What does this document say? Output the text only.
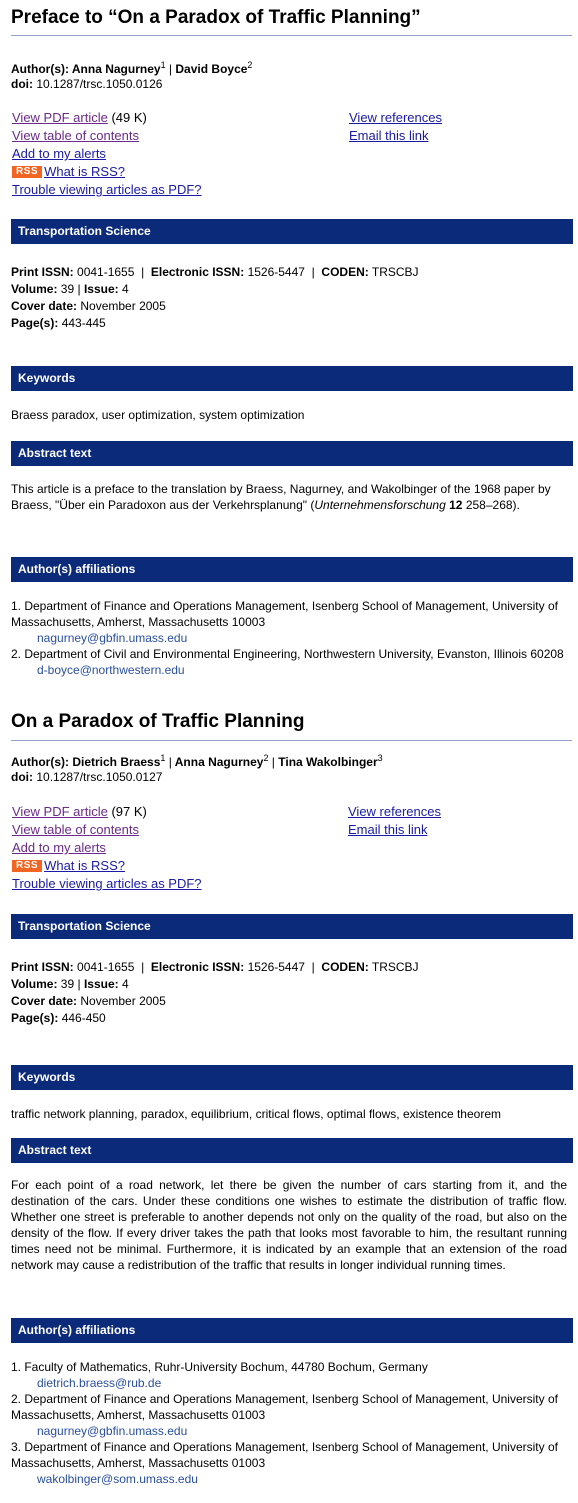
Preface to “On a Paradox of Traffic Planning”
Author(s): Anna Nagurney$^1$ | David Boyce$^2$
doi: 10.1287/trsc.1050.0126
View PDF article (49 K)
View table of contents
Add to my alerts
RSS What is RSS?
Trouble viewing articles as PDF?
View references
Email this link
Transportation Science
Print ISSN: 0041-1655  |  Electronic ISSN: 1526-5447  |  CODEN: TRSCBJ
Volume: 39 | Issue: 4
Cover date: November 2005
Page(s): 443-445
Keywords
Braess paradox, user optimization, system optimization
Abstract text
This article is a preface to the translation by Braess, Nagurney, and Wakolbinger of the 1968 paper by Braess, "Über ein Paradoxon aus der Verkehrsplanung" (Unternehmensforschung 12 258–268).
Author(s) affiliations
1. Department of Finance and Operations Management, Isenberg School of Management, University of Massachusetts, Amherst, Massachusetts 10003
nagurney@gbfin.umass.edu
2. Department of Civil and Environmental Engineering, Northwestern University, Evanston, Illinois 60208
d-boyce@northwestern.edu
On a Paradox of Traffic Planning
Author(s): Dietrich Braess$^1$ | Anna Nagurney$^2$ | Tina Wakolbinger$^3$
doi: 10.1287/trsc.1050.0127
View PDF article (97 K)
View table of contents
Add to my alerts
RSS What is RSS?
Trouble viewing articles as PDF?
View references
Email this link
Transportation Science
Print ISSN: 0041-1655  |  Electronic ISSN: 1526-5447  |  CODEN: TRSCBJ
Volume: 39 | Issue: 4
Cover date: November 2005
Page(s): 446-450
Keywords
traffic network planning, paradox, equilibrium, critical flows, optimal flows, existence theorem
Abstract text
For each point of a road network, let there be given the number of cars starting from it, and the destination of the cars. Under these conditions one wishes to estimate the distribution of traffic flow. Whether one street is preferable to another depends not only on the quality of the road, but also on the density of the flow. If every driver takes the path that looks most favorable to him, the resultant running times need not be minimal. Furthermore, it is indicated by an example that an extension of the road network may cause a redistribution of the traffic that results in longer individual running times.
Author(s) affiliations
1. Faculty of Mathematics, Ruhr-University Bochum, 44780 Bochum, Germany
dietrich.braess@rub.de
2. Department of Finance and Operations Management, Isenberg School of Management, University of Massachusetts, Amherst, Massachusetts 01003
nagurney@gbfin.umass.edu
3. Department of Finance and Operations Management, Isenberg School of Management, University of Massachusetts, Amherst, Massachusetts 01003
wakolbinger@som.umass.edu
